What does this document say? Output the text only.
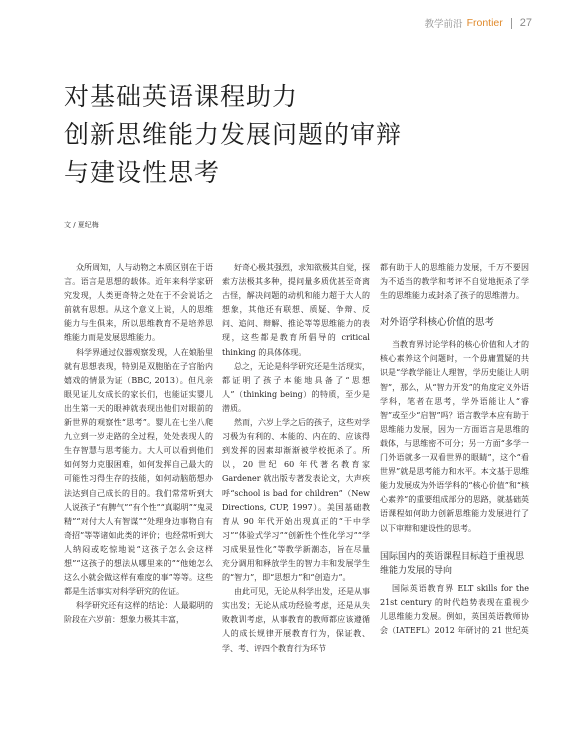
教学前沿 Frontier 27
对基础英语课程助力
创新思维能力发展问题的审辩
与建设性思考
文 / 夏纪梅

众所周知，人与动物之本质区别在于语言。语言是思想的载体。近年来科学家研究发现，人类更奇特之处在于不会说话之前就有思想。从这个意义上说，人的思维能力与生俱来，所以思维教育不是培养思维能力而是发展思维能力。

科学界通过仪器观察发现，人在娘胎里就有思想表现，特别是双胞胎在子宫胎内嬉戏的情景为证（BBC, 2013）。但凡亲眼见证儿女成长的家长们，也能证实婴儿出生第一天的眼神就表现出他们对眼前的新世界的观察性“思考”。婴儿在七坐八爬九立到一岁走路的全过程，处处表现人的生存智慧与思考能力。大人可以看到他们如何努力克服困难，如何发挥自己最大的可能性习得生存的技能，如何动脑筋想办法达到自己成长的目的。我们常常听到大人说孩子“有脾气”“有个性”“真聪明”“鬼灵精”“对付大人有智谋”“处理身边事物自有奇招”等等诸如此类的评价；也经常听到大人纳闷或吃惊地说“这孩子怎么会这样想”“这孩子的想法从哪里来的”“他她怎么这么小就会做这样有难度的事”等等。这些都是生活事实对科学研究的佐证。

科学研究还有这样的结论：人最聪明的阶段在六岁前：想象力极其丰富，

好奇心极其强烈，求知欲极其自觉，探索方法极其多种，提问量多质优甚至奇离古怪，解决问题的动机和能力超于大人的想象，其他还有联想、质疑、争辩、反问、追问、辩解、推论等等思维能力的表现，这些都是教育所倡导的 critical thinking 的具体体现。

总之，无论是科学研究还是生活现实，都证明了孩子本能地具备了“思想人”（thinking being）的特质，至少是潜质。

然而，六岁上学之后的孩子，这些对学习极为有利的、本能的、内在的、应该得到发挥的因素却渐渐被学校扼杀了。所以，20 世纪 60 年代著名教育家 Gardener 就出版专著发表论文，大声疾呼“school is bad for children”（New Directions, CUP, 1997）。美国基础教育从 90 年代开始出现真正的“干中学习”“体验式学习”“创新性个性化学习”“学习成果显性化”等教学新潮态，旨在尽量充分调用和释放学生的智力丰和发展学生的“智力”，即“思想力”和“创造力”。

由此可见，无论从科学出发，还是从事实出发；无论从成功经验考虑，还是从失败教训考虑，从事教育的教师都应该遵循人的成长规律开展教育行为，保证教、学、考、评四个教育行为环节

都有助于人的思维能力发展，千万不要因为不适当的教学和考评不自觉地扼杀了学生的思维能力或封杀了孩子的思维潜力。

对外语学科核心价值的思考

当教育界讨论学科的核心价值和人才的核心素养这个问题时，一个毋庸置疑的共识是“学教学能让人理智，学历史能让人明智”，那么，从“智力开发”的角度定义外语学科，笔者在思考，学外语能让人“睿智”或至少“启智”吗？语言教学本应有助于思维能力发展，因为一方面语言是思维的载体，与思维密不可分；另一方面“多学一门外语就多一双看世界的眼睛”，这个“看世界”就是思考能力和水平。本文基于思维能力发展成为外语学科的“核心价值”和“核心素养”的重要组成部分的思路，就基础英语课程如何助力创新思维能力发展进行了以下审辩和建设性的思考。

国际国内的英语课程目标趋于重视思维能力发展的导向

国际英语教育界 ELT skills for the 21st century 的时代趋势表现在重视少儿思维能力发展。例如，英国英语教师协会（IATEFL）2012 年研讨的 21 世纪英
